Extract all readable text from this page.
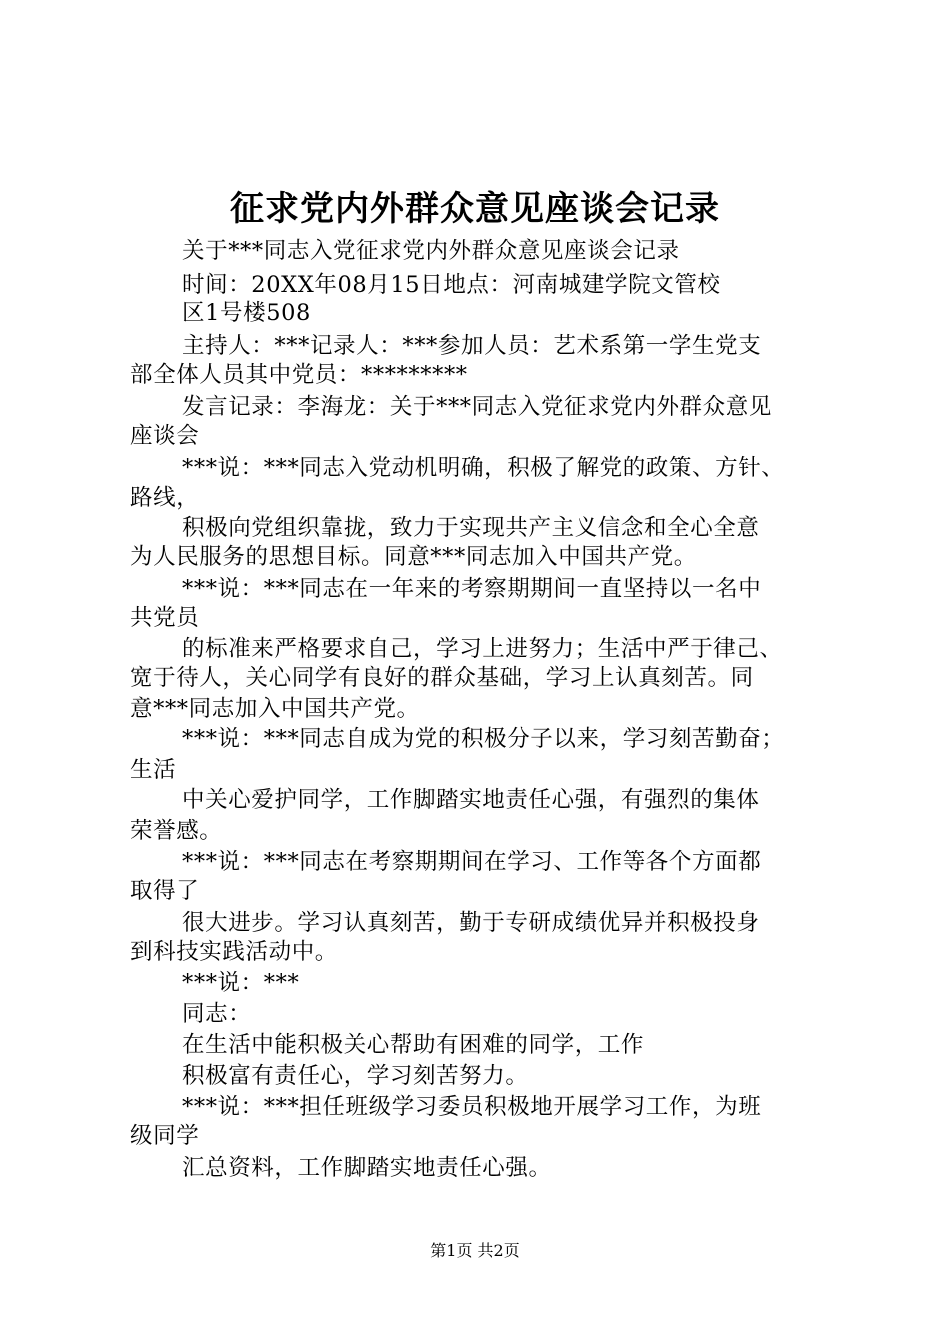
征求党内外群众意见座谈会记录
关于***同志入党征求党内外群众意见座谈会记录
时间：20XX年08月15日地点：河南城建学院文管校
区1号楼508
主持人：***记录人：***参加人员：艺术系第一学生党支
部全体人员其中党员：*********
发言记录：李海龙：关于***同志入党征求党内外群众意见
座谈会
***说：***同志入党动机明确，积极了解党的政策、方针、
路线，
积极向党组织靠拢，致力于实现共产主义信念和全心全意
为人民服务的思想目标。同意***同志加入中国共产党。
***说：***同志在一年来的考察期期间一直坚持以一名中
共党员
的标准来严格要求自己，学习上进努力；生活中严于律己、
宽于待人，关心同学有良好的群众基础，学习上认真刻苦。同
意***同志加入中国共产党。
***说：***同志自成为党的积极分子以来，学习刻苦勤奋；
生活
中关心爱护同学，工作脚踏实地责任心强，有强烈的集体
荣誉感。
***说：***同志在考察期期间在学习、工作等各个方面都
取得了
很大进步。学习认真刻苦，勤于专研成绩优异并积极投身
到科技实践活动中。
***说：***
同志：
在生活中能积极关心帮助有困难的同学，工作
积极富有责任心，学习刻苦努力。
***说：***担任班级学习委员积极地开展学习工作，为班
级同学
汇总资料，工作脚踏实地责任心强。
第1页 共2页
